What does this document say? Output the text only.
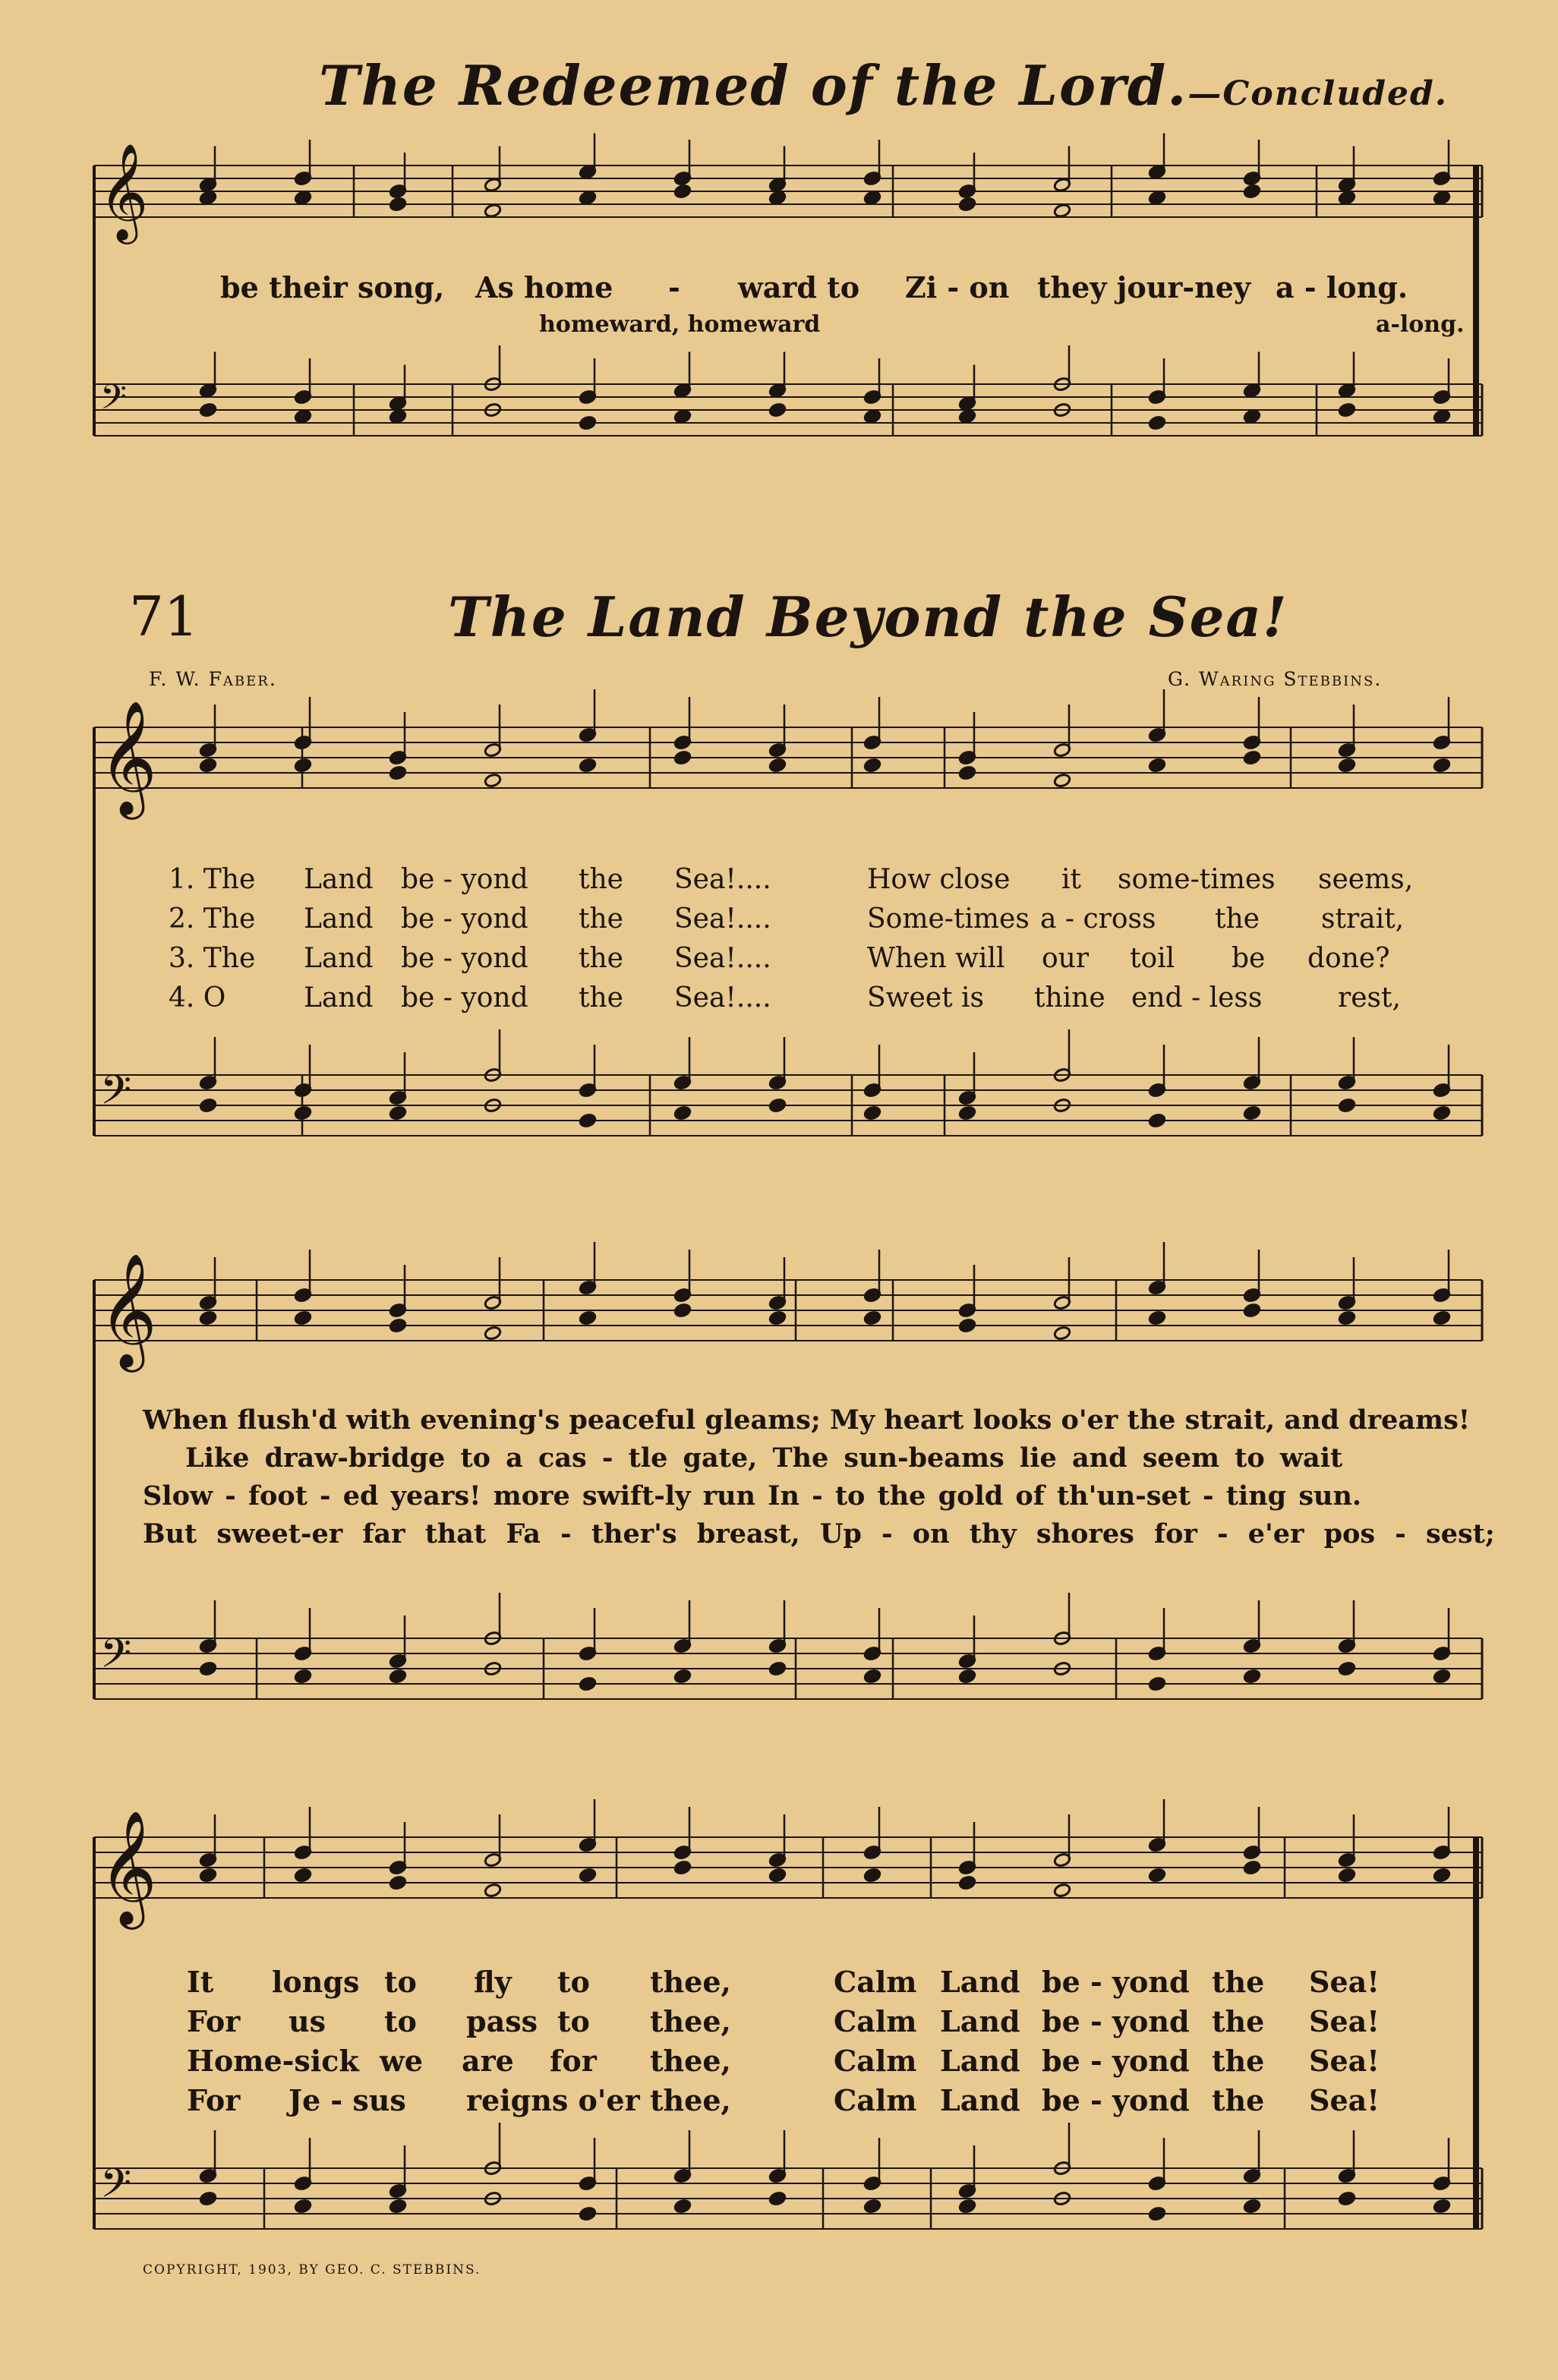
The Redeemed of the Lord.—Concluded.
𝄞
𝄢
𝄞
𝄢
𝄞
𝄢
𝄞
𝄢
be their song, As home - ward to Zi - on they jour-ney a - long.
homeward, homeward	a-long.
71	The Land Beyond the Sea!
F. W. Faber.	G. Waring Stebbins.
1. The Land be - yond the Sea!....	How close it some-times seems,
2. The Land be - yond the Sea!....	Some-times a - cross the strait,
3. The Land be - yond the Sea!....	When will our toil be done?
4. O	Land be - yond the Sea!....	Sweet is thine end - less	rest,
When flush'd with evening's peaceful gleams; My heart looks o'er the strait, and dreams!
Like draw-bridge to a cas - tle gate, The sun-beams lie and seem to wait
Slow - foot - ed years! more swift-ly run In - to the gold of th'un-set - ting sun.
But sweet-er far that Fa - ther's breast, Up - on thy shores for - e'er pos - sest;
It longs to fly to thee,	Calm Land be - yond the Sea!
For us to pass to thee,	Calm Land be - yond the Sea!
Home-sick we are for thee,	Calm Land be - yond the Sea!
For Je - sus reigns o'er thee,	Calm Land be - yond the Sea!
COPYRIGHT, 1903, BY GEO. C. STEBBINS.
